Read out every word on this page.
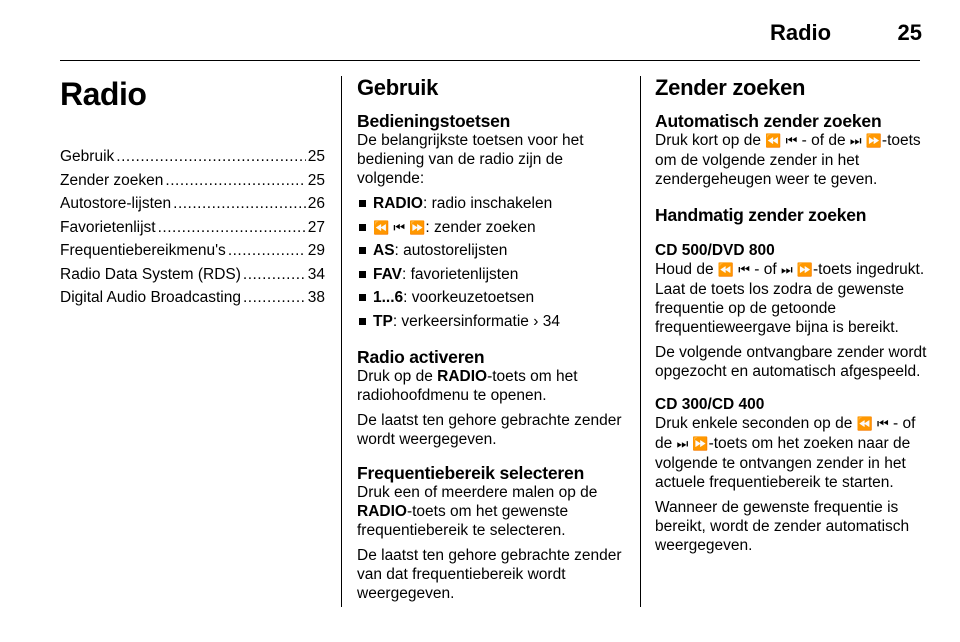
Radio	25
Radio
Gebruik .....	25
Zender zoeken .....	25
Autostore-lijsten .....	26
Favorietenlijst .....	27
Frequentiebereikmenu's .....	29
Radio Data System (RDS) .....	34
Digital Audio Broadcasting .....	38
Gebruik
Bedieningstoetsen

De belangrijkste toetsen voor het bediening van de radio zijn de volgende:

RADIO: radio inschakelen
⏪ ⏮ ⏩: zender zoeken
AS: autostorelijsten
FAV: favorietenlijsten
1...6: voorkeuzetoetsen
TP: verkeersinformatie › 34
Radio activeren

Druk op de RADIO-toets om het radiohoofdmenu te openen.

De laatst ten gehore gebrachte zender wordt weergegeven.

Frequentiebereik selecteren

Druk een of meerdere malen op de RADIO-toets om het gewenste frequentiebereik te selecteren.

De laatst ten gehore gebrachte zender van dat frequentiebereik wordt weergegeven.

Zender zoeken
Automatisch zender zoeken

Druk kort op de ⏪ ⏮ - of de ⏭ ⏩-toets om de volgende zender in het zendergeheugen weer te geven.

Handmatig zender zoeken
CD 500/DVD 800

Houd de ⏪ ⏮ - of ⏭ ⏩-toets ingedrukt. Laat de toets los zodra de gewenste frequentie op de getoonde frequentieweergave bijna is bereikt.

De volgende ontvangbare zender wordt opgezocht en automatisch afgespeeld.

CD 300/CD 400

Druk enkele seconden op de ⏪ ⏮ - of de ⏭ ⏩-toets om het zoeken naar de volgende te ontvangen zender in het actuele frequentiebereik te starten.

Wanneer de gewenste frequentie is bereikt, wordt de zender automatisch weergegeven.
